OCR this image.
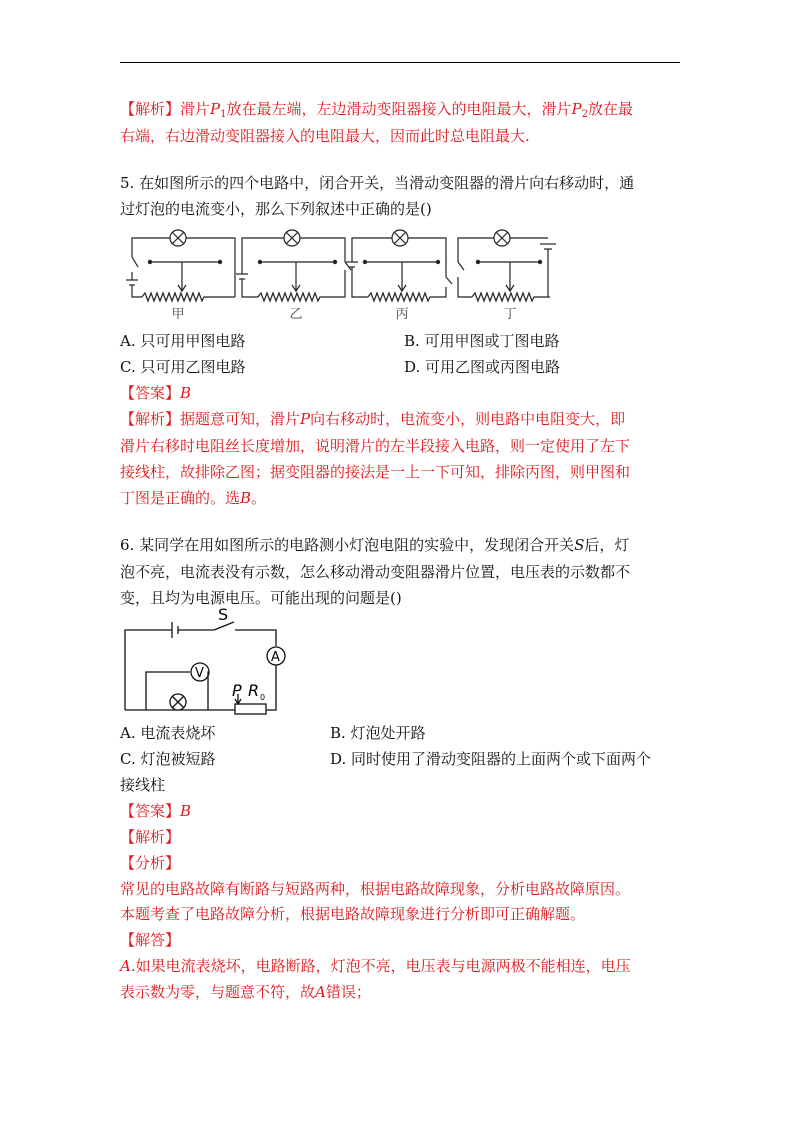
【解析】滑片$P_1$放在最左端，左边滑动变阻器接入的电阻最大，滑片$P_2$放在最
右端，右边滑动变阻器接入的电阻最大，因而此时总电阻最大.
5. 在如图所示的四个电路中，闭合开关，当滑动变阻器的滑片向右移动时，通
过灯泡的电流变小，那么下列叙述中正确的是()
甲	乙	丙	丁
A. 只可用甲图电路	B. 可用甲图或丁图电路
C. 只可用乙图电路	D. 可用乙图或丙图电路
【答案】B
【解析】据题意可知，滑片P向右移动时，电流变小，则电路中电阻变大，即
滑片右移时电阻丝长度增加，说明滑片的左半段接入电路，则一定使用了左下
接线柱，故排除乙图；据变阻器的接法是一上一下可知，排除丙图，则甲图和
丁图是正确的。选B。
6. 某同学在用如图所示的电路测小灯泡电阻的实验中，发现闭合开关S后，灯
泡不亮，电流表没有示数，怎么移动滑动变阻器滑片位置，电压表的示数都不
变，且均为电源电压。可能出现的问题是()
S
A
V
P R 0
A. 电流表烧坏	B. 灯泡处开路
C. 灯泡被短路	D. 同时使用了滑动变阻器的上面两个或下面两个
接线柱
【答案】B
【解析】
【分析】
常见的电路故障有断路与短路两种，根据电路故障现象，分析电路故障原因。
本题考查了电路故障分析，根据电路故障现象进行分析即可正确解题。
【解答】
A.如果电流表烧坏，电路断路，灯泡不亮，电压表与电源两极不能相连，电压
表示数为零，与题意不符，故A错误；
